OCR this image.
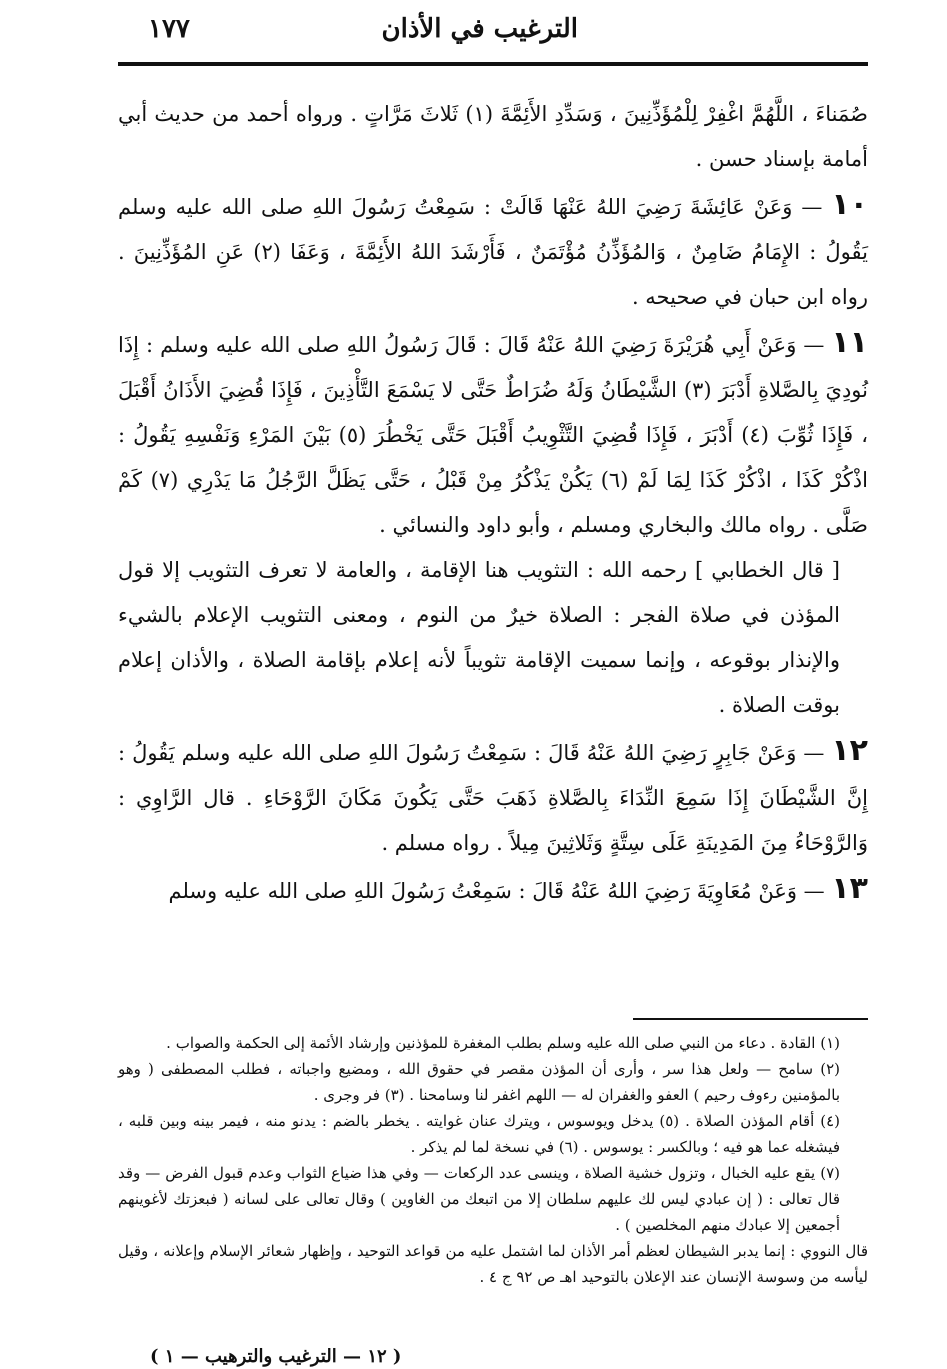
الترغيب في الأذان
١٧٧

صُمَناءَ ، اللَّهُمَّ اغْفِرْ لِلْمُؤَذِّنِينَ ، وَسَدِّدِ الأَئِمَّةَ (١) ثَلاثَ مَرَّاتٍ . ورواه أحمد من حديث أبي أمامة بإسناد حسن .

١٠ — وَعَنْ عَائِشَةَ رَضِيَ اللهُ عَنْهَا قَالَتْ : سَمِعْتُ رَسُولَ اللهِ صلى الله عليه وسلم يَقُولُ : الإِمَامُ ضَامِنٌ ، وَالمُؤَذِّنُ مُؤْتَمَنٌ ، فَأَرْشَدَ اللهُ الأَئِمَّةَ ، وَعَفَا (٢) عَنِ المُؤَذِّنِينَ . رواه ابن حبان في صحيحه .

١١ — وَعَنْ أَبِي هُرَيْرَةَ رَضِيَ اللهُ عَنْهُ قَالَ : قَالَ رَسُولُ اللهِ صلى الله عليه وسلم : إِذَا نُودِيَ بِالصَّلاةِ أَدْبَرَ (٣) الشَّيْطَانُ وَلَهُ ضُرَاطٌ حَتَّى لا يَسْمَعَ التَّأْذِينَ ، فَإِذَا قُضِيَ الأَذَانُ أَقْبَلَ ، فَإِذَا ثُوِّبَ (٤) أَدْبَرَ ، فَإِذَا قُضِيَ التَّثْوِيبُ أَقْبَلَ حَتَّى يَخْطُرَ (٥) بَيْنَ المَرْءِ وَنَفْسِهِ يَقُولُ : اذْكُرْ كَذَا ، اذْكُرْ كَذَا لِمَا لَمْ (٦) يَكُنْ يَذْكُرُ مِنْ قَبْلُ ، حَتَّى يَظَلَّ الرَّجُلُ مَا يَدْرِي (٧) كَمْ صَلَّى . رواه مالك والبخاري ومسلم ، وأبو داود والنسائي .

[ قال الخطابي ] رحمه الله : التثويب هنا الإقامة ، والعامة لا تعرف التثويب إلا قول المؤذن في صلاة الفجر : الصلاة خيرٌ من النوم ، ومعنى التثويب الإعلام بالشيء والإنذار بوقوعه ، وإنما سميت الإقامة تثويباً لأنه إعلام بإقامة الصلاة ، والأذان إعلام بوقت الصلاة .

١٢ — وَعَنْ جَابِرٍ رَضِيَ اللهُ عَنْهُ قَالَ : سَمِعْتُ رَسُولَ اللهِ صلى الله عليه وسلم يَقُولُ : إِنَّ الشَّيْطَانَ إِذَا سَمِعَ النِّدَاءَ بِالصَّلاةِ ذَهَبَ حَتَّى يَكُونَ مَكَانَ الرَّوْحَاءِ . قال الرَّاوِي : وَالرَّوْحَاءُ مِنَ المَدِينَةِ عَلَى سِتَّةٍ وَثَلاثِينَ مِيلاً . رواه مسلم .

١٣ — وَعَنْ مُعَاوِيَةَ رَضِيَ اللهُ عَنْهُ قَالَ : سَمِعْتُ رَسُولَ اللهِ صلى الله عليه وسلم

(١) القادة . دعاء من النبي صلى الله عليه وسلم بطلب المغفرة للمؤذنين وإرشاد الأئمة إلى الحكمة والصواب .

(٢) سامح — ولعل هذا سر ، وأرى أن المؤذن مقصر في حقوق الله ، ومضيع واجباته ، فطلب المصطفى ( وهو بالمؤمنين رءوف رحيم ) العفو والغفران له — اللهم اغفر لنا وسامحنا . (٣) فر وجرى .

(٤) أقام المؤذن الصلاة . (٥) يدخل ويوسوس ، ويترك عنان غوايته . يخطر بالضم : يدنو منه ، فيمر بينه وبين قلبه ، فيشغله عما هو فيه ؛ وبالكسر : يوسوس . (٦) في نسخة لما لم يذكر .

(٧) يقع عليه الخبال ، وتزول خشية الصلاة ، وينسى عدد الركعات — وفي هذا ضياع الثواب وعدم قبول الفرض — وقد قال تعالى : ( إن عبادي ليس لك عليهم سلطان إلا من اتبعك من الغاوين ) وقال تعالى على لسانه ( فبعزتك لأغوينهم أجمعين إلا عبادك منهم المخلصين ) .

قال النووي : إنما يدبر الشيطان لعظم أمر الأذان لما اشتمل عليه من قواعد التوحيد ، وإظهار شعائر الإسلام وإعلانه ، وقيل ليأسه من وسوسة الإنسان عند الإعلان بالتوحيد اهـ ص ٩٢ ج ٤ .

( ١٢ — الترغيب والترهيب — ١ )
